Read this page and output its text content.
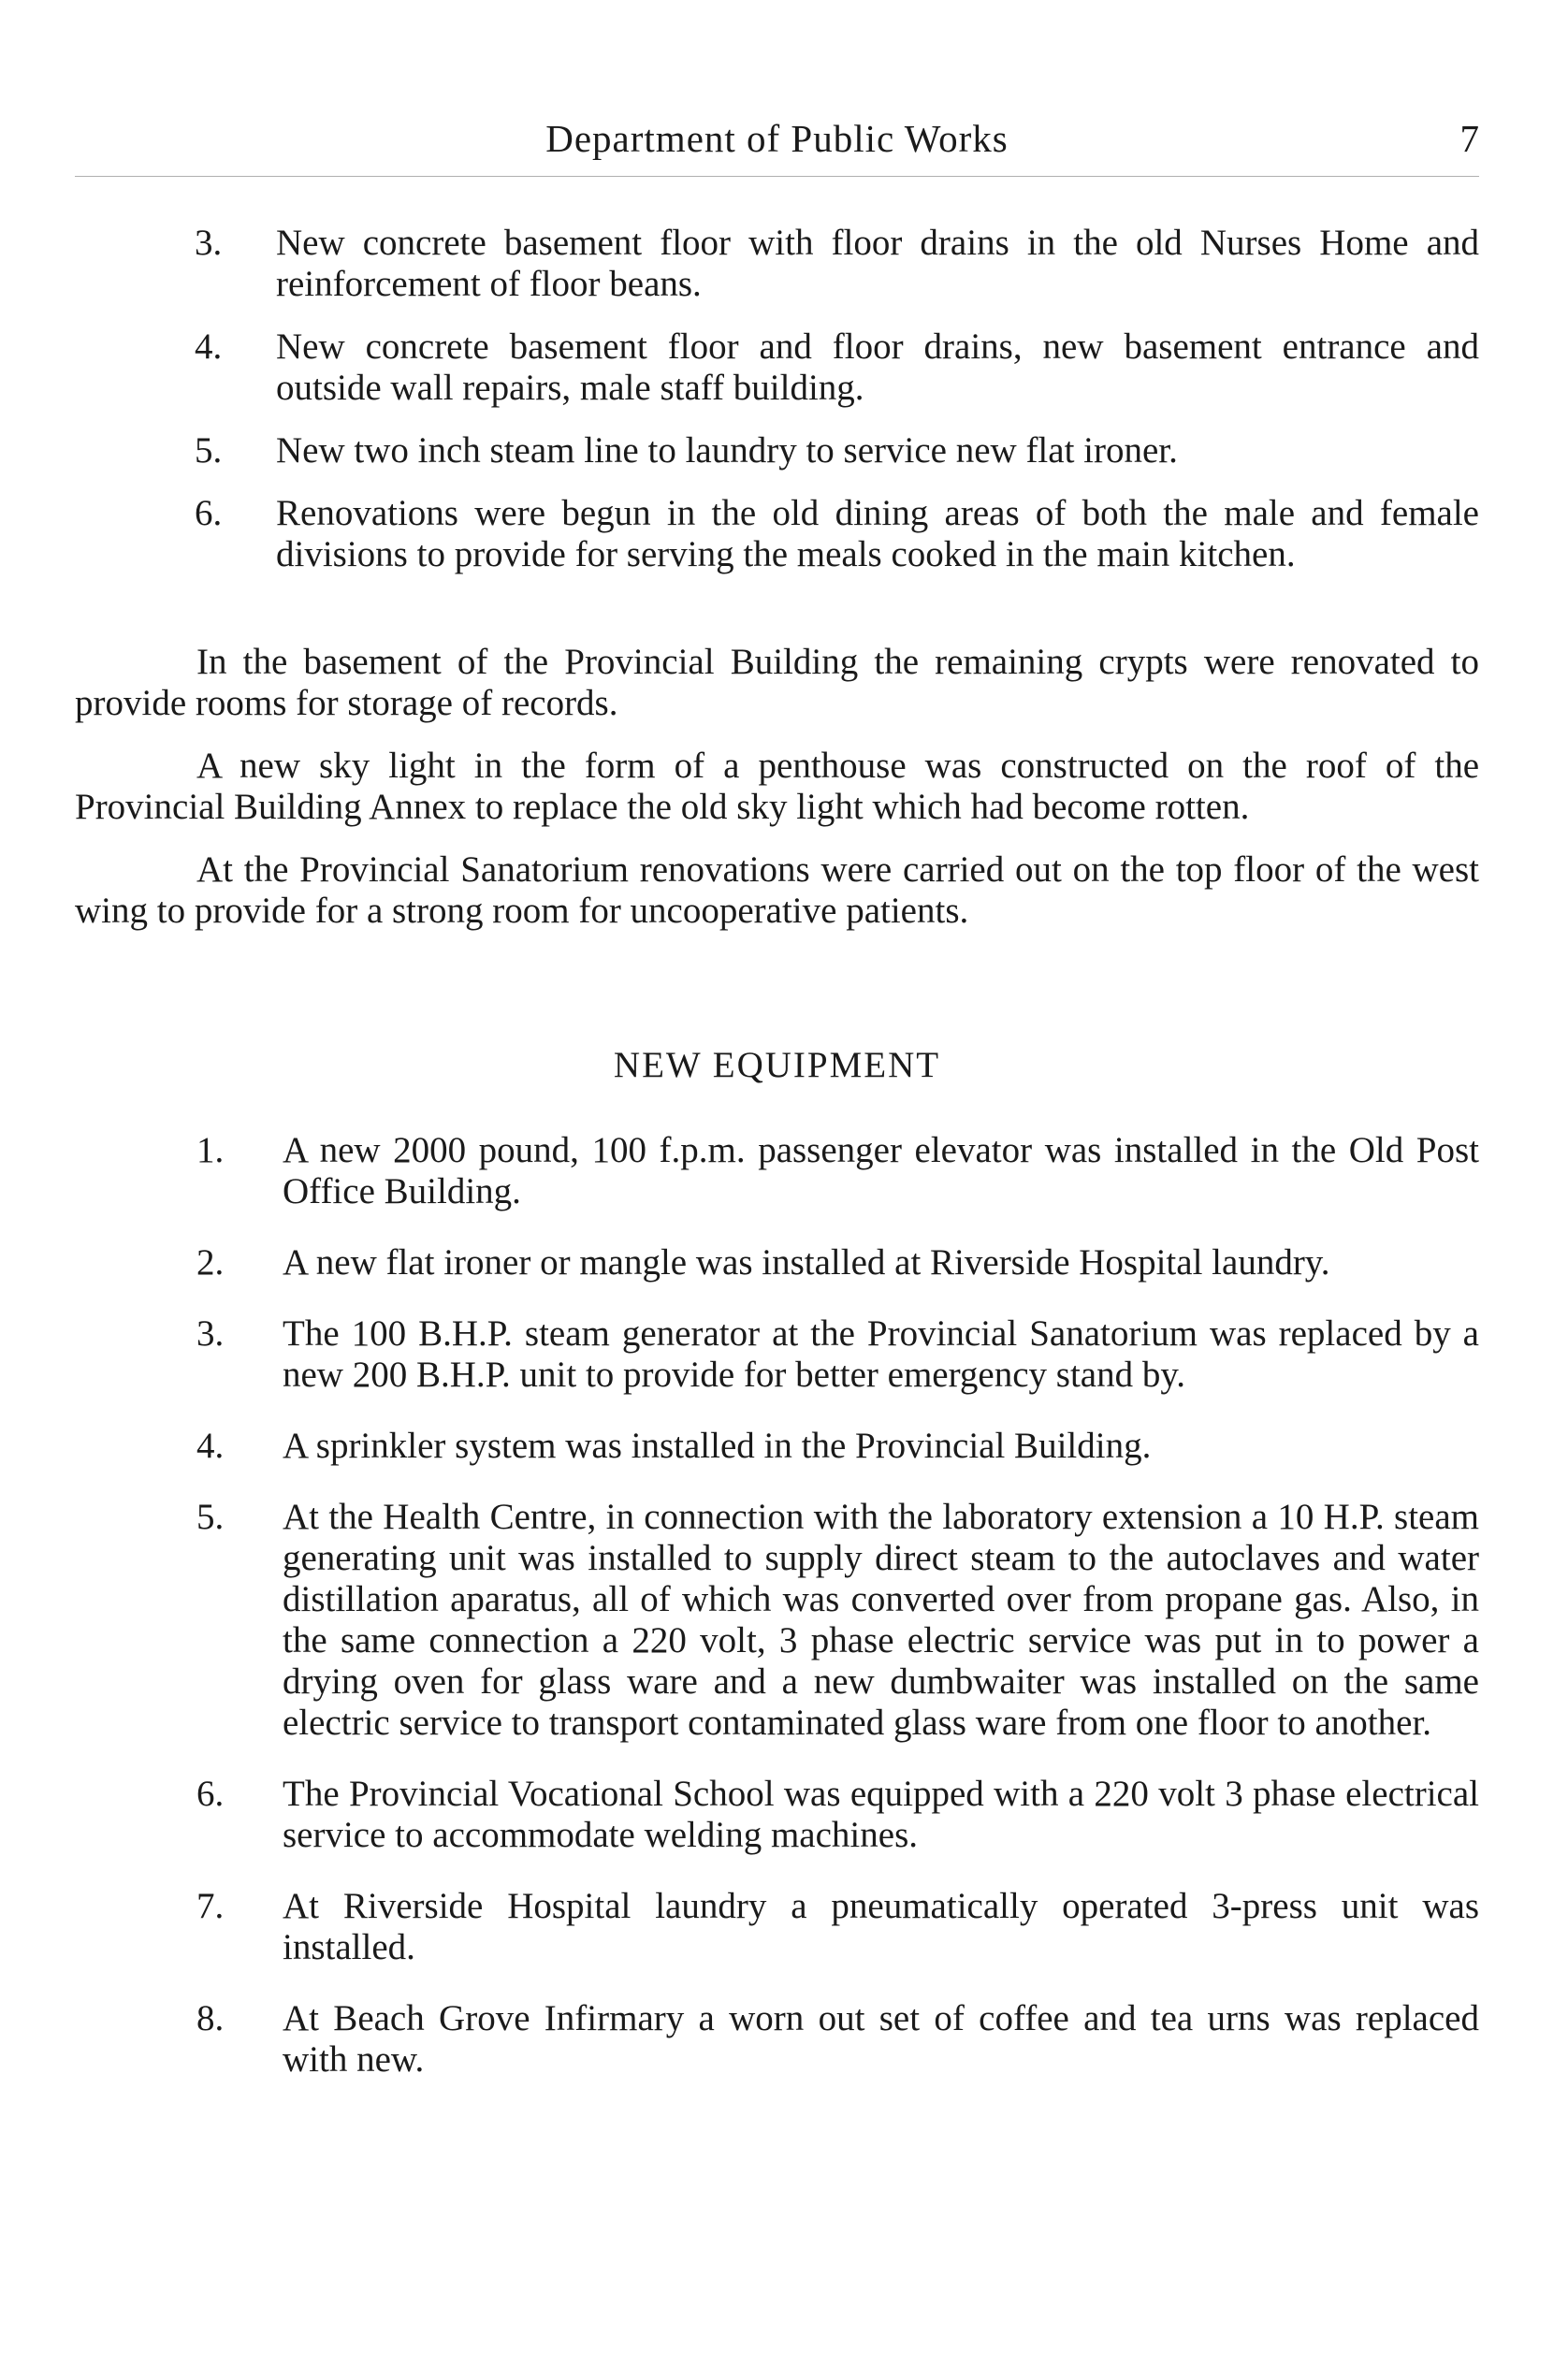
Department of Public Works	7

3.	New concrete basement floor with floor drains in the old Nurses Home and reinforcement of floor beans.

4.	New concrete basement floor and floor drains, new basement entrance and outside wall repairs, male staff building.

5.	New two inch steam line to laundry to service new flat ironer.

6.	Renovations were begun in the old dining areas of both the male and female divisions to provide for serving the meals cooked in the main kitchen.

In the basement of the Provincial Building the remaining crypts were renovated to provide rooms for storage of records.

A new sky light in the form of a penthouse was constructed on the roof of the Provincial Building Annex to replace the old sky light which had become rotten.

At the Provincial Sanatorium renovations were carried out on the top floor of the west wing to provide for a strong room for uncooperative patients.

NEW EQUIPMENT

1.	A new 2000 pound, 100 f.p.m. passenger elevator was installed in the Old Post Office Building.

2.	A new flat ironer or mangle was installed at Riverside Hospital laundry.

3.	The 100 B.H.P. steam generator at the Provincial Sanatorium was replaced by a new 200 B.H.P. unit to provide for better emergency stand by.

4.	A sprinkler system was installed in the Provincial Building.

5.	At the Health Centre, in connection with the laboratory extension a 10 H.P. steam generating unit was installed to supply direct steam to the autoclaves and water distillation aparatus, all of which was converted over from propane gas. Also, in the same connection a 220 volt, 3 phase electric service was put in to power a drying oven for glass ware and a new dumbwaiter was installed on the same electric service to transport contaminated glass ware from one floor to another.

6.	The Provincial Vocational School was equipped with a 220 volt 3 phase electrical service to accommodate welding machines.

7.	At Riverside Hospital laundry a pneumatically operated 3-press unit was installed.

8.	At Beach Grove Infirmary a worn out set of coffee and tea urns was replaced with new.
